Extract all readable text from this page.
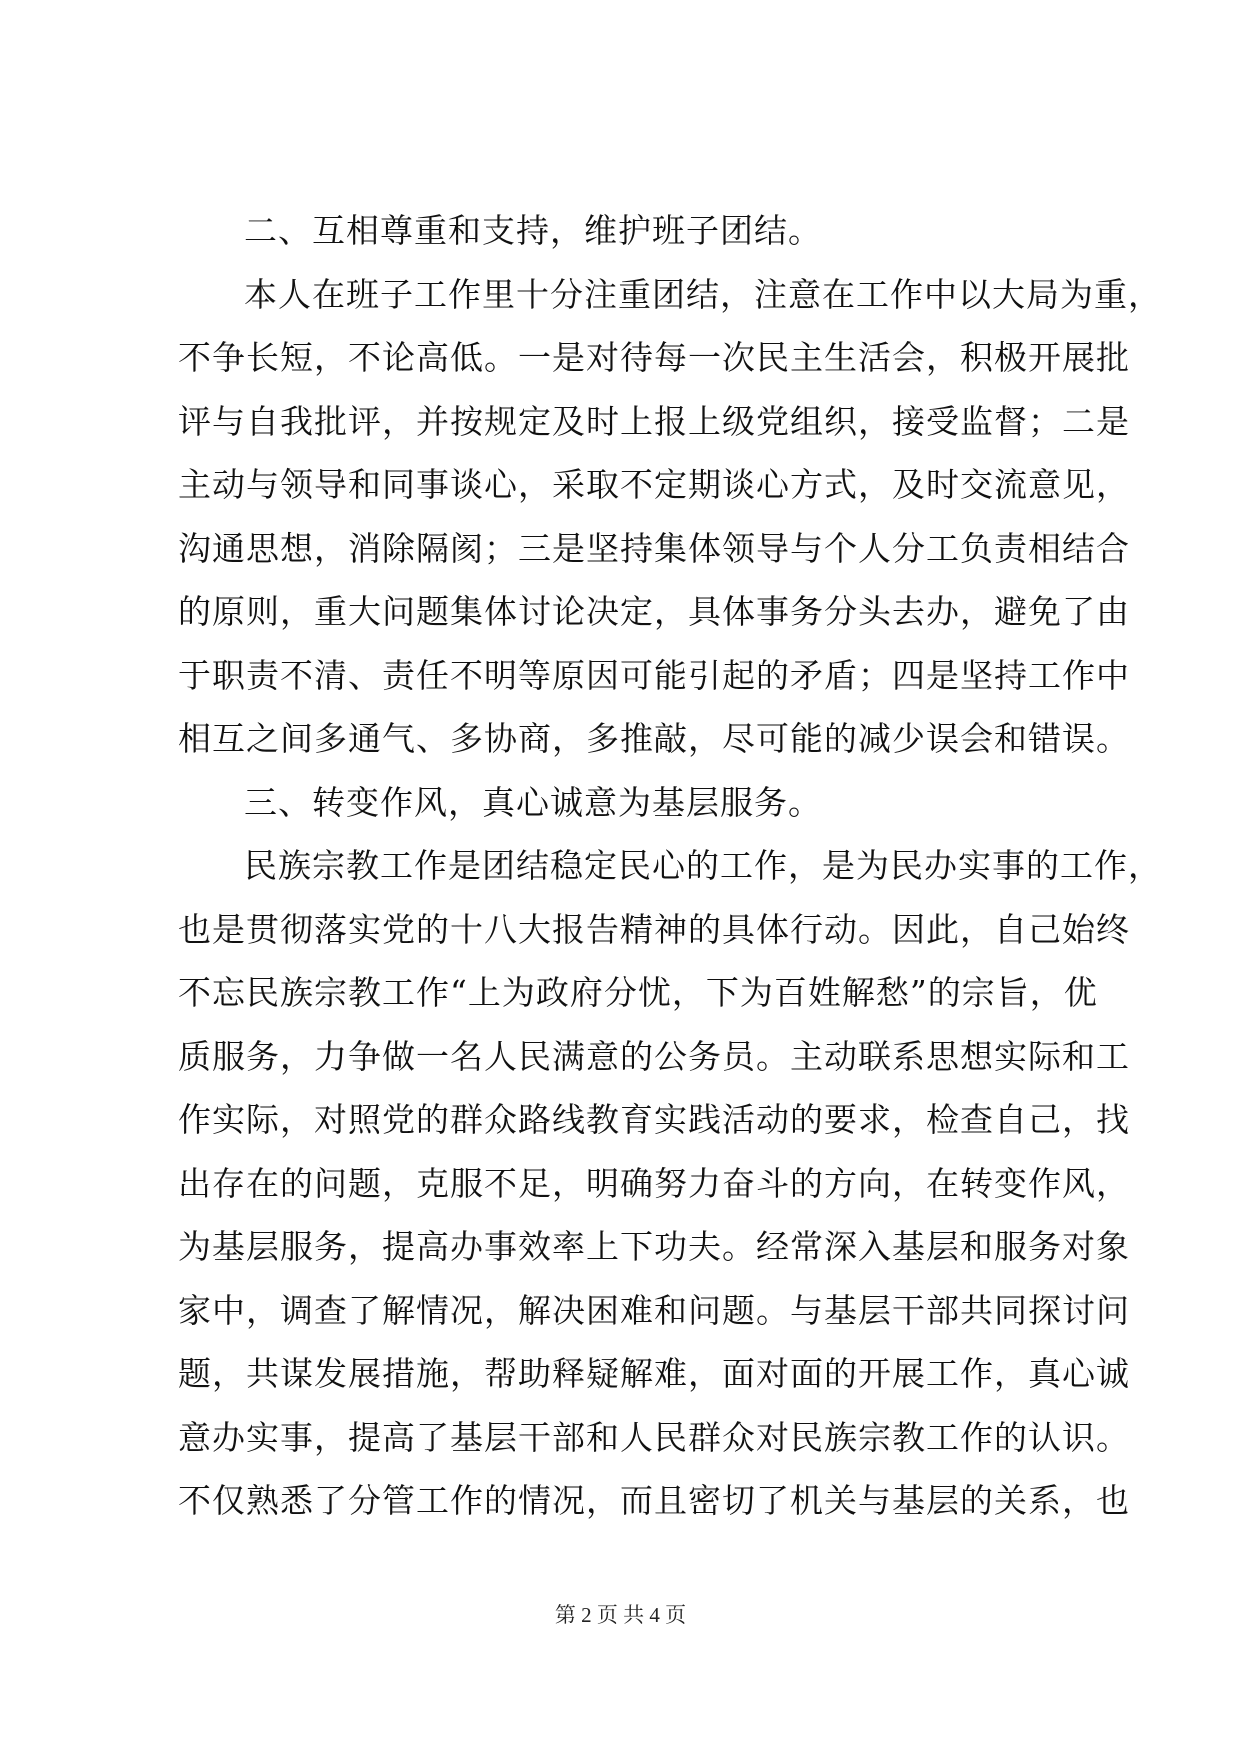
二、互相尊重和支持，维护班子团结。
本人在班子工作里十分注重团结，注意在工作中以大局为重，
不争长短，不论高低。一是对待每一次民主生活会，积极开展批
评与自我批评，并按规定及时上报上级党组织，接受监督；二是
主动与领导和同事谈心，采取不定期谈心方式，及时交流意见，
沟通思想，消除隔阂；三是坚持集体领导与个人分工负责相结合
的原则，重大问题集体讨论决定，具体事务分头去办，避免了由
于职责不清、责任不明等原因可能引起的矛盾；四是坚持工作中
相互之间多通气、多协商，多推敲，尽可能的减少误会和错误。
三、转变作风，真心诚意为基层服务。
民族宗教工作是团结稳定民心的工作，是为民办实事的工作，
也是贯彻落实党的十八大报告精神的具体行动。因此，自己始终
不忘民族宗教工作“上为政府分忧，下为百姓解愁”的宗旨，优
质服务，力争做一名人民满意的公务员。主动联系思想实际和工
作实际，对照党的群众路线教育实践活动的要求，检查自己，找
出存在的问题，克服不足，明确努力奋斗的方向，在转变作风，
为基层服务，提高办事效率上下功夫。经常深入基层和服务对象
家中，调查了解情况，解决困难和问题。与基层干部共同探讨问
题，共谋发展措施，帮助释疑解难，面对面的开展工作，真心诚
意办实事，提高了基层干部和人民群众对民族宗教工作的认识。
不仅熟悉了分管工作的情况，而且密切了机关与基层的关系，也
第 2 页 共 4 页
